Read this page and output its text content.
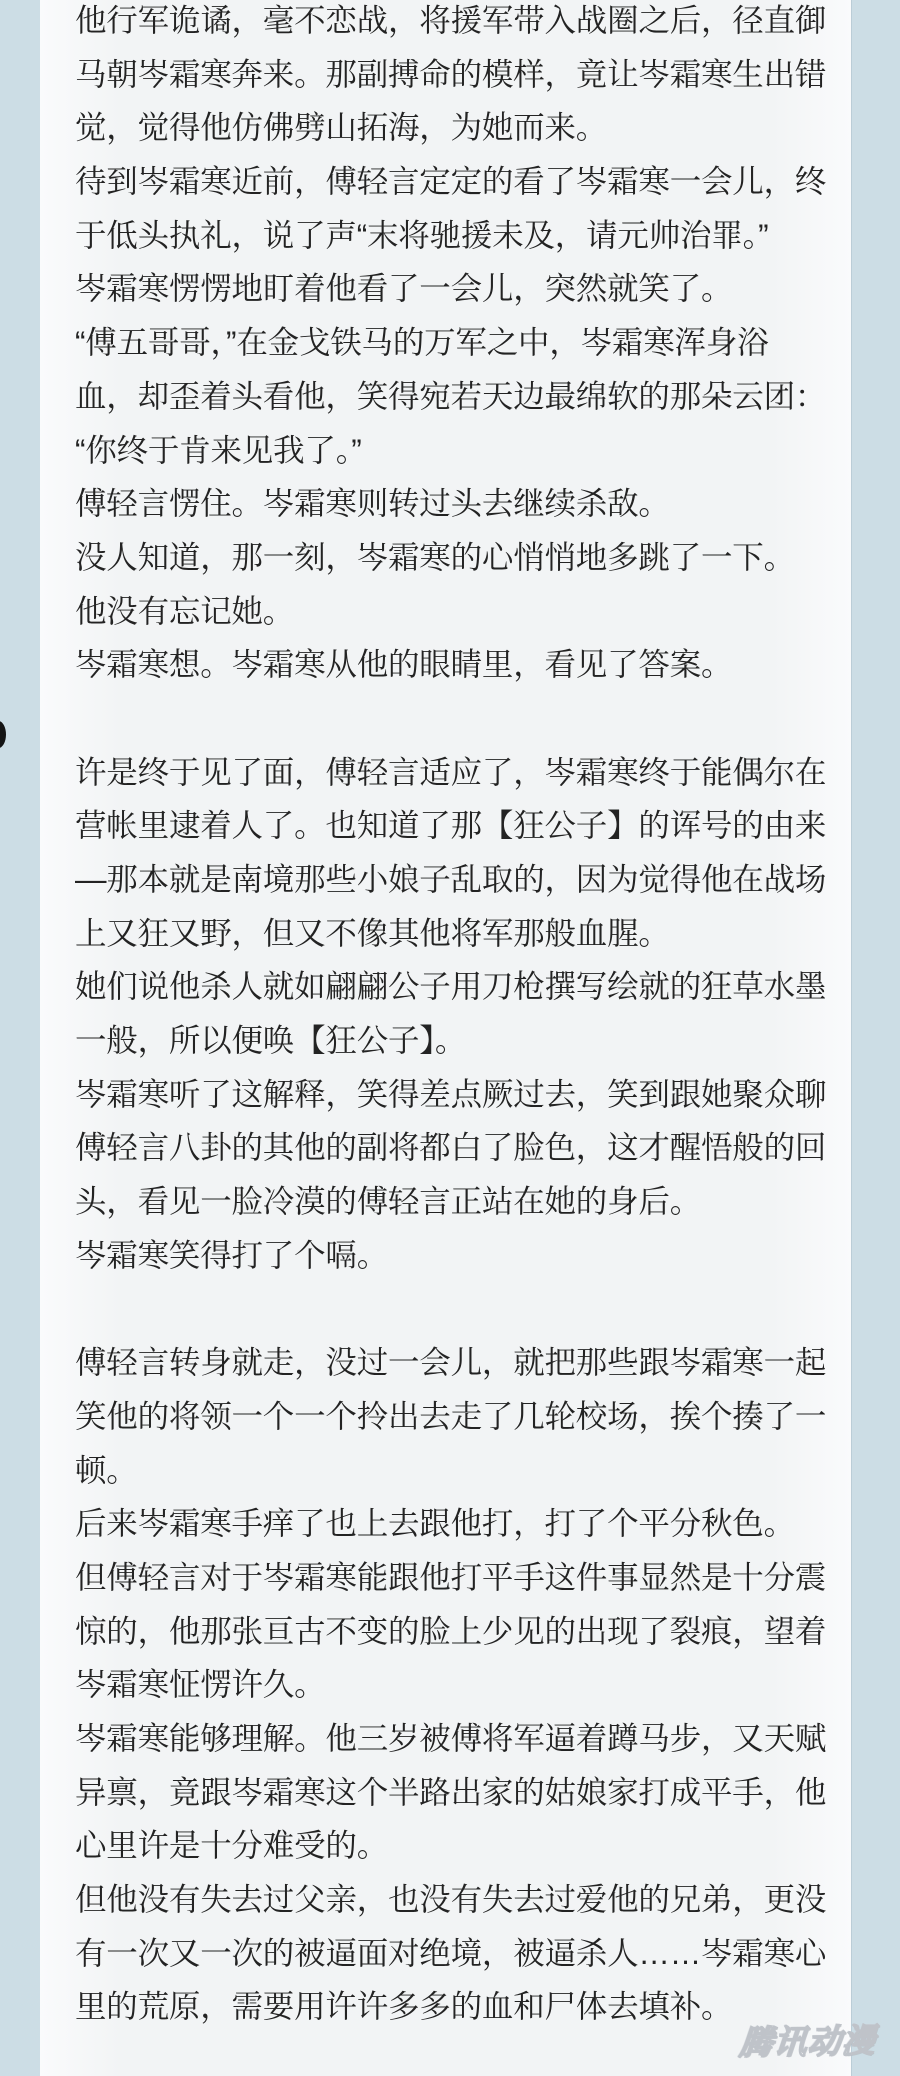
他行军诡谲，毫不恋战，将援军带入战圈之后，径直御
马朝岑霜寒奔来。那副搏命的模样，竟让岑霜寒生出错
觉，觉得他仿佛劈山拓海，为她而来。
待到岑霜寒近前，傅轻言定定的看了岑霜寒一会儿，终
于低头执礼，说了声“末将驰援未及，请元帅治罪。”
岑霜寒愣愣地盯着他看了一会儿，突然就笑了。
“傅五哥哥，”在金戈铁马的万军之中，岑霜寒浑身浴
血，却歪着头看他，笑得宛若天边最绵软的那朵云团：
“你终于肯来见我了。”
傅轻言愣住。岑霜寒则转过头去继续杀敌。
没人知道，那一刻，岑霜寒的心悄悄地多跳了一下。
他没有忘记她。
岑霜寒想。岑霜寒从他的眼睛里，看见了答案。
许是终于见了面，傅轻言适应了，岑霜寒终于能偶尔在
营帐里逮着人了。也知道了那【狂公子】的诨号的由来
—那本就是南境那些小娘子乱取的，因为觉得他在战场
上又狂又野，但又不像其他将军那般血腥。
她们说他杀人就如翩翩公子用刀枪撰写绘就的狂草水墨
一般，所以便唤【狂公子】。
岑霜寒听了这解释，笑得差点厥过去，笑到跟她聚众聊
傅轻言八卦的其他的副将都白了脸色，这才醒悟般的回
头，看见一脸冷漠的傅轻言正站在她的身后。
岑霜寒笑得打了个嗝。
傅轻言转身就走，没过一会儿，就把那些跟岑霜寒一起
笑他的将领一个一个拎出去走了几轮校场，挨个揍了一
顿。
后来岑霜寒手痒了也上去跟他打，打了个平分秋色。
但傅轻言对于岑霜寒能跟他打平手这件事显然是十分震
惊的，他那张亘古不变的脸上少见的出现了裂痕，望着
岑霜寒怔愣许久。
岑霜寒能够理解。他三岁被傅将军逼着蹲马步，又天赋
异禀，竟跟岑霜寒这个半路出家的姑娘家打成平手，他
心里许是十分难受的。
但他没有失去过父亲，也没有失去过爱他的兄弟，更没
有一次又一次的被逼面对绝境，被逼杀人……岑霜寒心
里的荒原，需要用许许多多的血和尸体去填补。
腾讯动漫
